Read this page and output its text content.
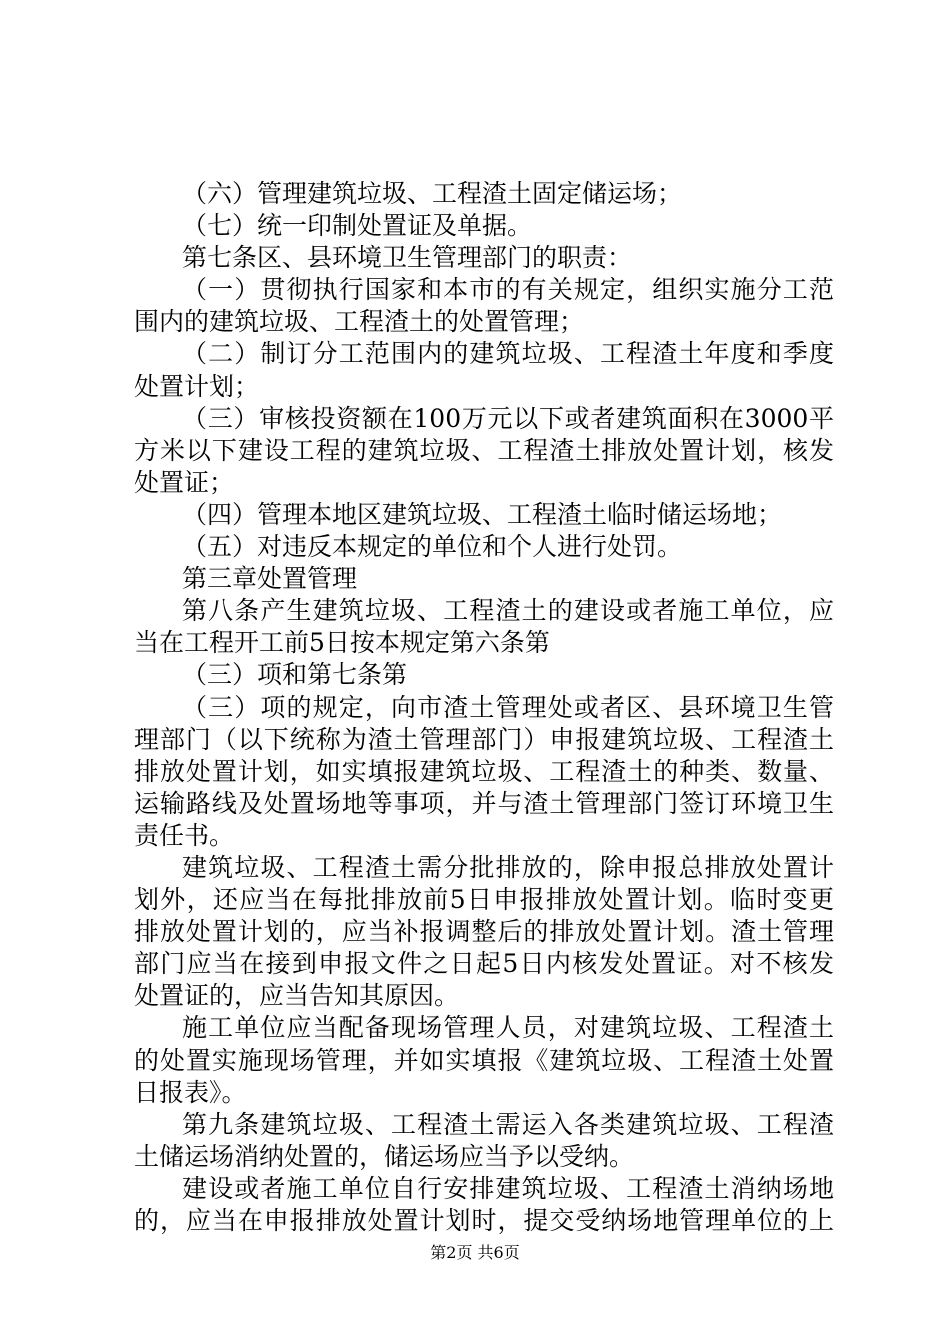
（六）管理建筑垃圾、工程渣土固定储运场；
（七）统一印制处置证及单据。
第七条区、县环境卫生管理部门的职责：
（一）贯彻执行国家和本市的有关规定，组织实施分工范
围内的建筑垃圾、工程渣土的处置管理；
（二）制订分工范围内的建筑垃圾、工程渣土年度和季度
处置计划；
（三）审核投资额在100万元以下或者建筑面积在3000平
方米以下建设工程的建筑垃圾、工程渣土排放处置计划，核发
处置证；
（四）管理本地区建筑垃圾、工程渣土临时储运场地；
（五）对违反本规定的单位和个人进行处罚。
第三章处置管理
第八条产生建筑垃圾、工程渣土的建设或者施工单位，应
当在工程开工前5日按本规定第六条第
（三）项和第七条第
（三）项的规定，向市渣土管理处或者区、县环境卫生管
理部门（以下统称为渣土管理部门）申报建筑垃圾、工程渣土
排放处置计划，如实填报建筑垃圾、工程渣土的种类、数量、
运输路线及处置场地等事项，并与渣土管理部门签订环境卫生
责任书。
建筑垃圾、工程渣土需分批排放的，除申报总排放处置计
划外，还应当在每批排放前5日申报排放处置计划。临时变更
排放处置计划的，应当补报调整后的排放处置计划。渣土管理
部门应当在接到申报文件之日起5日内核发处置证。对不核发
处置证的，应当告知其原因。
施工单位应当配备现场管理人员，对建筑垃圾、工程渣土
的处置实施现场管理，并如实填报《建筑垃圾、工程渣土处置
日报表》。
第九条建筑垃圾、工程渣土需运入各类建筑垃圾、工程渣
土储运场消纳处置的，储运场应当予以受纳。
建设或者施工单位自行安排建筑垃圾、工程渣土消纳场地
的，应当在申报排放处置计划时，提交受纳场地管理单位的上
第2页 共6页
